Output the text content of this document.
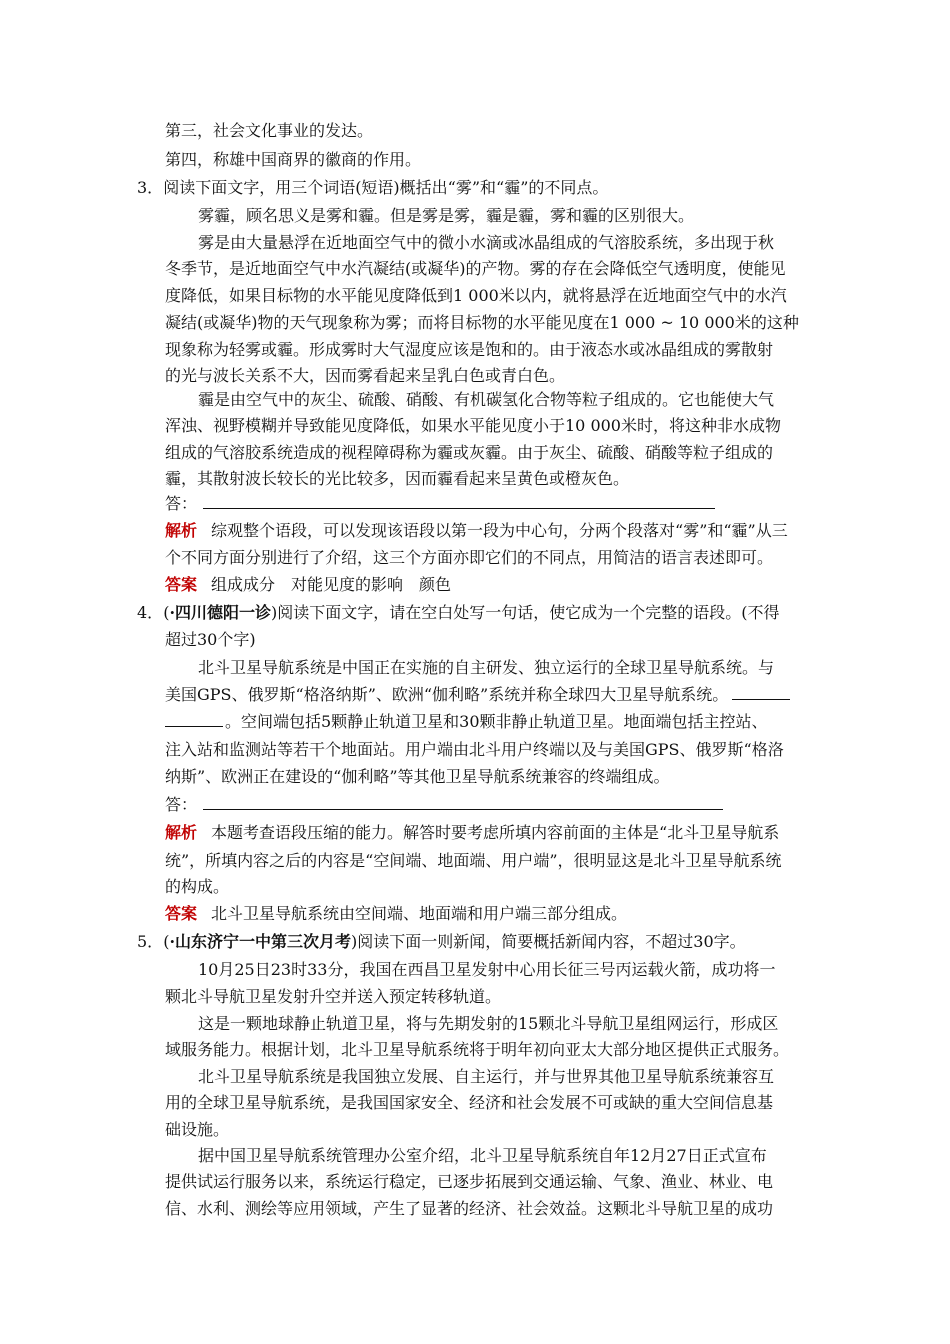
第三，社会文化事业的发达。
第四，称雄中国商界的徽商的作用。
3．阅读下面文字，用三个词语(短语)概括出“雾”和“霾”的不同点。
雾霾，顾名思义是雾和霾。但是雾是雾，霾是霾，雾和霾的区别很大。
雾是由大量悬浮在近地面空气中的微小水滴或冰晶组成的气溶胶系统，多出现于秋
冬季节，是近地面空气中水汽凝结(或凝华)的产物。雾的存在会降低空气透明度，使能见
度降低，如果目标物的水平能见度降低到1 000米以内，就将悬浮在近地面空气中的水汽
凝结(或凝华)物的天气现象称为雾；而将目标物的水平能见度在1 000 ~ 10 000米的这种
现象称为轻雾或霾。形成雾时大气湿度应该是饱和的。由于液态水或冰晶组成的雾散射
的光与波长关系不大，因而雾看起来呈乳白色或青白色。
霾是由空气中的灰尘、硫酸、硝酸、有机碳氢化合物等粒子组成的。它也能使大气
浑浊、视野模糊并导致能见度降低，如果水平能见度小于10 000米时，将这种非水成物
组成的气溶胶系统造成的视程障碍称为霾或灰霾。由于灰尘、硫酸、硝酸等粒子组成的
霾，其散射波长较长的光比较多，因而霾看起来呈黄色或橙灰色。
答：
解析 综观整个语段，可以发现该语段以第一段为中心句，分两个段落对“雾”和“霾”从三
个不同方面分别进行了介绍，这三个方面亦即它们的不同点，用简洁的语言表述即可。
答案 组成成分　对能见度的影响　颜色
4．(·四川德阳一诊)阅读下面文字，请在空白处写一句话，使它成为一个完整的语段。(不得
超过30个字)
北斗卫星导航系统是中国正在实施的自主研发、独立运行的全球卫星导航系统。与
美国GPS、俄罗斯“格洛纳斯”、欧洲“伽利略”系统并称全球四大卫星导航系统。
。空间端包括5颗静止轨道卫星和30颗非静止轨道卫星。地面端包括主控站、
注入站和监测站等若干个地面站。用户端由北斗用户终端以及与美国GPS、俄罗斯“格洛
纳斯”、欧洲正在建设的“伽利略”等其他卫星导航系统兼容的终端组成。
答：
解析 本题考查语段压缩的能力。解答时要考虑所填内容前面的主体是“北斗卫星导航系
统”，所填内容之后的内容是“空间端、地面端、用户端”，很明显这是北斗卫星导航系统
的构成。
答案 北斗卫星导航系统由空间端、地面端和用户端三部分组成。
5．(·山东济宁一中第三次月考)阅读下面一则新闻，简要概括新闻内容，不超过30字。
10月25日23时33分，我国在西昌卫星发射中心用长征三号丙运载火箭，成功将一
颗北斗导航卫星发射升空并送入预定转移轨道。
这是一颗地球静止轨道卫星，将与先期发射的15颗北斗导航卫星组网运行，形成区
域服务能力。根据计划，北斗卫星导航系统将于明年初向亚太大部分地区提供正式服务。
北斗卫星导航系统是我国独立发展、自主运行，并与世界其他卫星导航系统兼容互
用的全球卫星导航系统，是我国国家安全、经济和社会发展不可或缺的重大空间信息基
础设施。
据中国卫星导航系统管理办公室介绍，北斗卫星导航系统自年12月27日正式宣布
提供试运行服务以来，系统运行稳定，已逐步拓展到交通运输、气象、渔业、林业、电
信、水利、测绘等应用领域，产生了显著的经济、社会效益。这颗北斗导航卫星的成功
